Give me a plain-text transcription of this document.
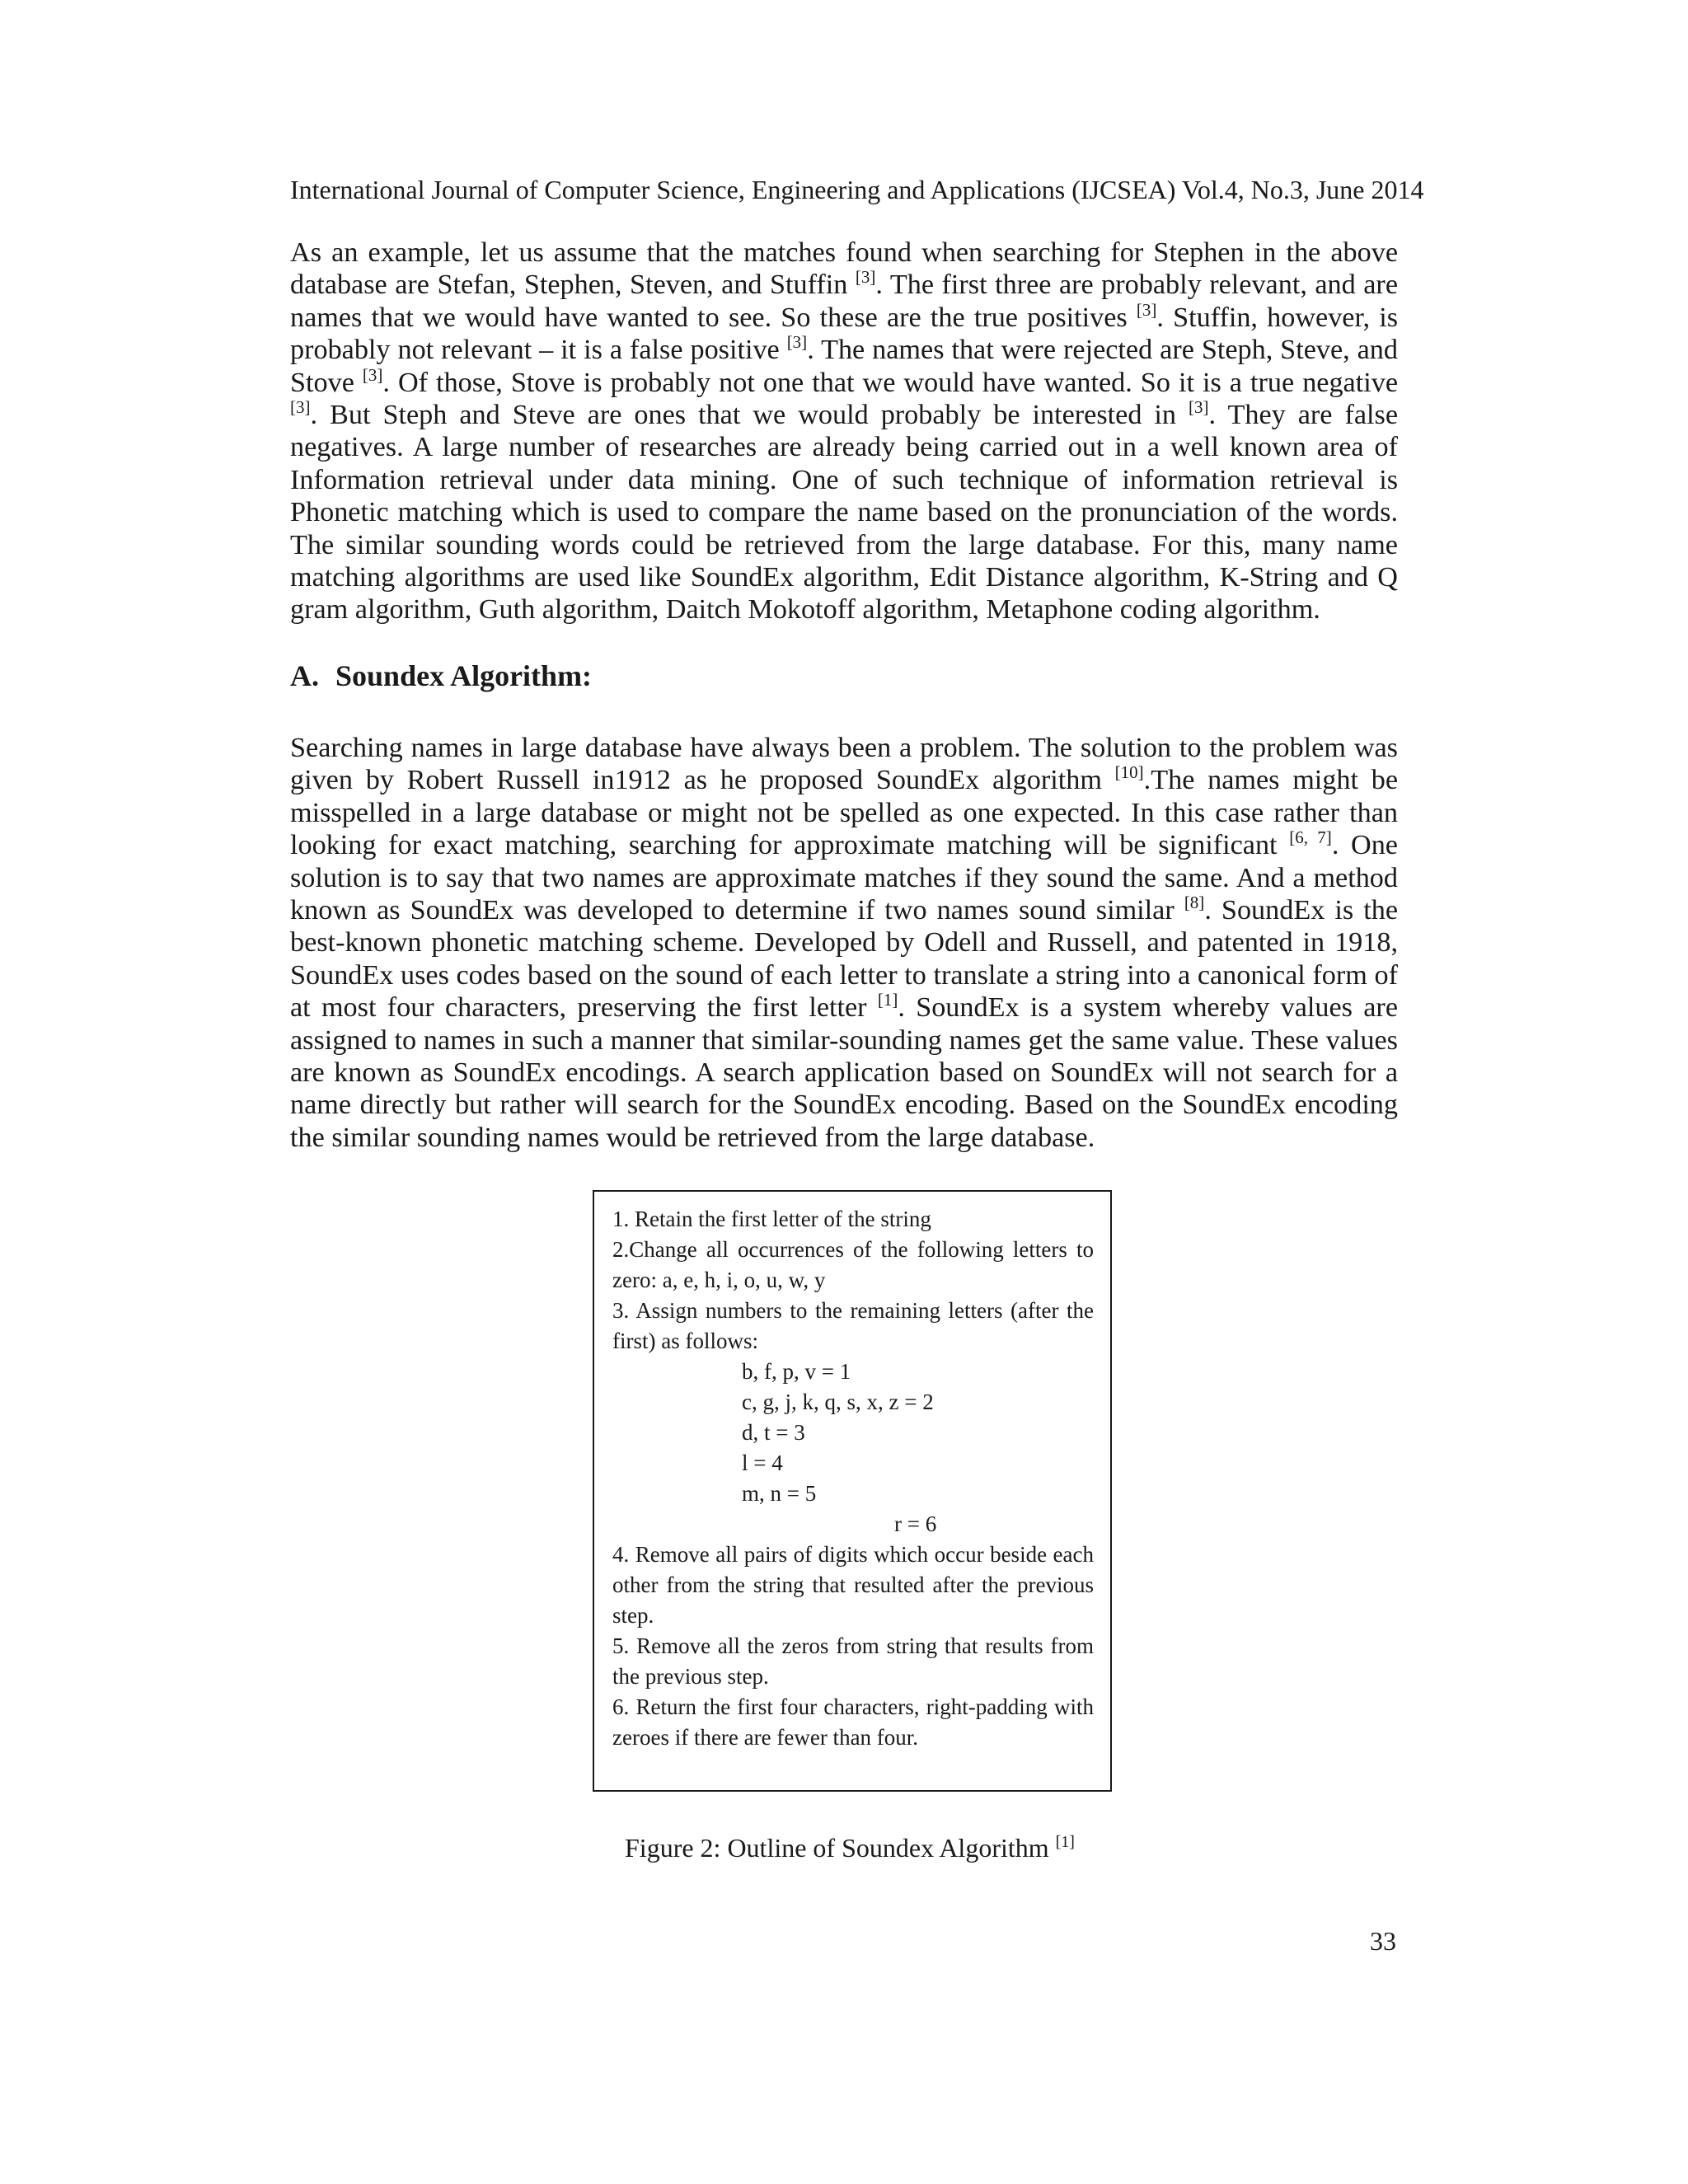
International Journal of Computer Science, Engineering and Applications (IJCSEA) Vol.4, No.3, June 2014
As an example, let us assume that the matches found when searching for Stephen in the above database are Stefan, Stephen, Steven, and Stuffin [3]. The first three are probably relevant, and are names that we would have wanted to see. So these are the true positives [3]. Stuffin, however, is probably not relevant – it is a false positive [3]. The names that were rejected are Steph, Steve, and Stove [3]. Of those, Stove is probably not one that we would have wanted. So it is a true negative [3]. But Steph and Steve are ones that we would probably be interested in [3]. They are false negatives. A large number of researches are already being carried out in a well known area of Information retrieval under data mining. One of such technique of information retrieval is Phonetic matching which is used to compare the name based on the pronunciation of the words. The similar sounding words could be retrieved from the large database. For this, many name matching algorithms are used like SoundEx algorithm, Edit Distance algorithm, K-String and Q gram algorithm, Guth algorithm, Daitch Mokotoff algorithm, Metaphone coding algorithm.
A. Soundex Algorithm:
Searching names in large database have always been a problem. The solution to the problem was given by Robert Russell in1912 as he proposed SoundEx algorithm [10].The names might be misspelled in a large database or might not be spelled as one expected. In this case rather than looking for exact matching, searching for approximate matching will be significant [6, 7]. One solution is to say that two names are approximate matches if they sound the same. And a method known as SoundEx was developed to determine if two names sound similar [8]. SoundEx is the best-known phonetic matching scheme. Developed by Odell and Russell, and patented in 1918, SoundEx uses codes based on the sound of each letter to translate a string into a canonical form of at most four characters, preserving the first letter [1]. SoundEx is a system whereby values are assigned to names in such a manner that similar-sounding names get the same value. These values are known as SoundEx encodings. A search application based on SoundEx will not search for a name directly but rather will search for the SoundEx encoding. Based on the SoundEx encoding the similar sounding names would be retrieved from the large database.
1. Retain the first letter of the string
2.Change all occurrences of the following letters to zero: a, e, h, i, o, u, w, y
3. Assign numbers to the remaining letters (after the first) as follows:
b, f, p, v = 1
c, g, j, k, q, s, x, z = 2
d, t = 3
l = 4
m, n = 5
r = 6
4. Remove all pairs of digits which occur beside each other from the string that resulted after the previous step.
5. Remove all the zeros from string that results from the previous step.
6. Return the first four characters, right-padding with zeroes if there are fewer than four.
Figure 2: Outline of Soundex Algorithm [1]
33
